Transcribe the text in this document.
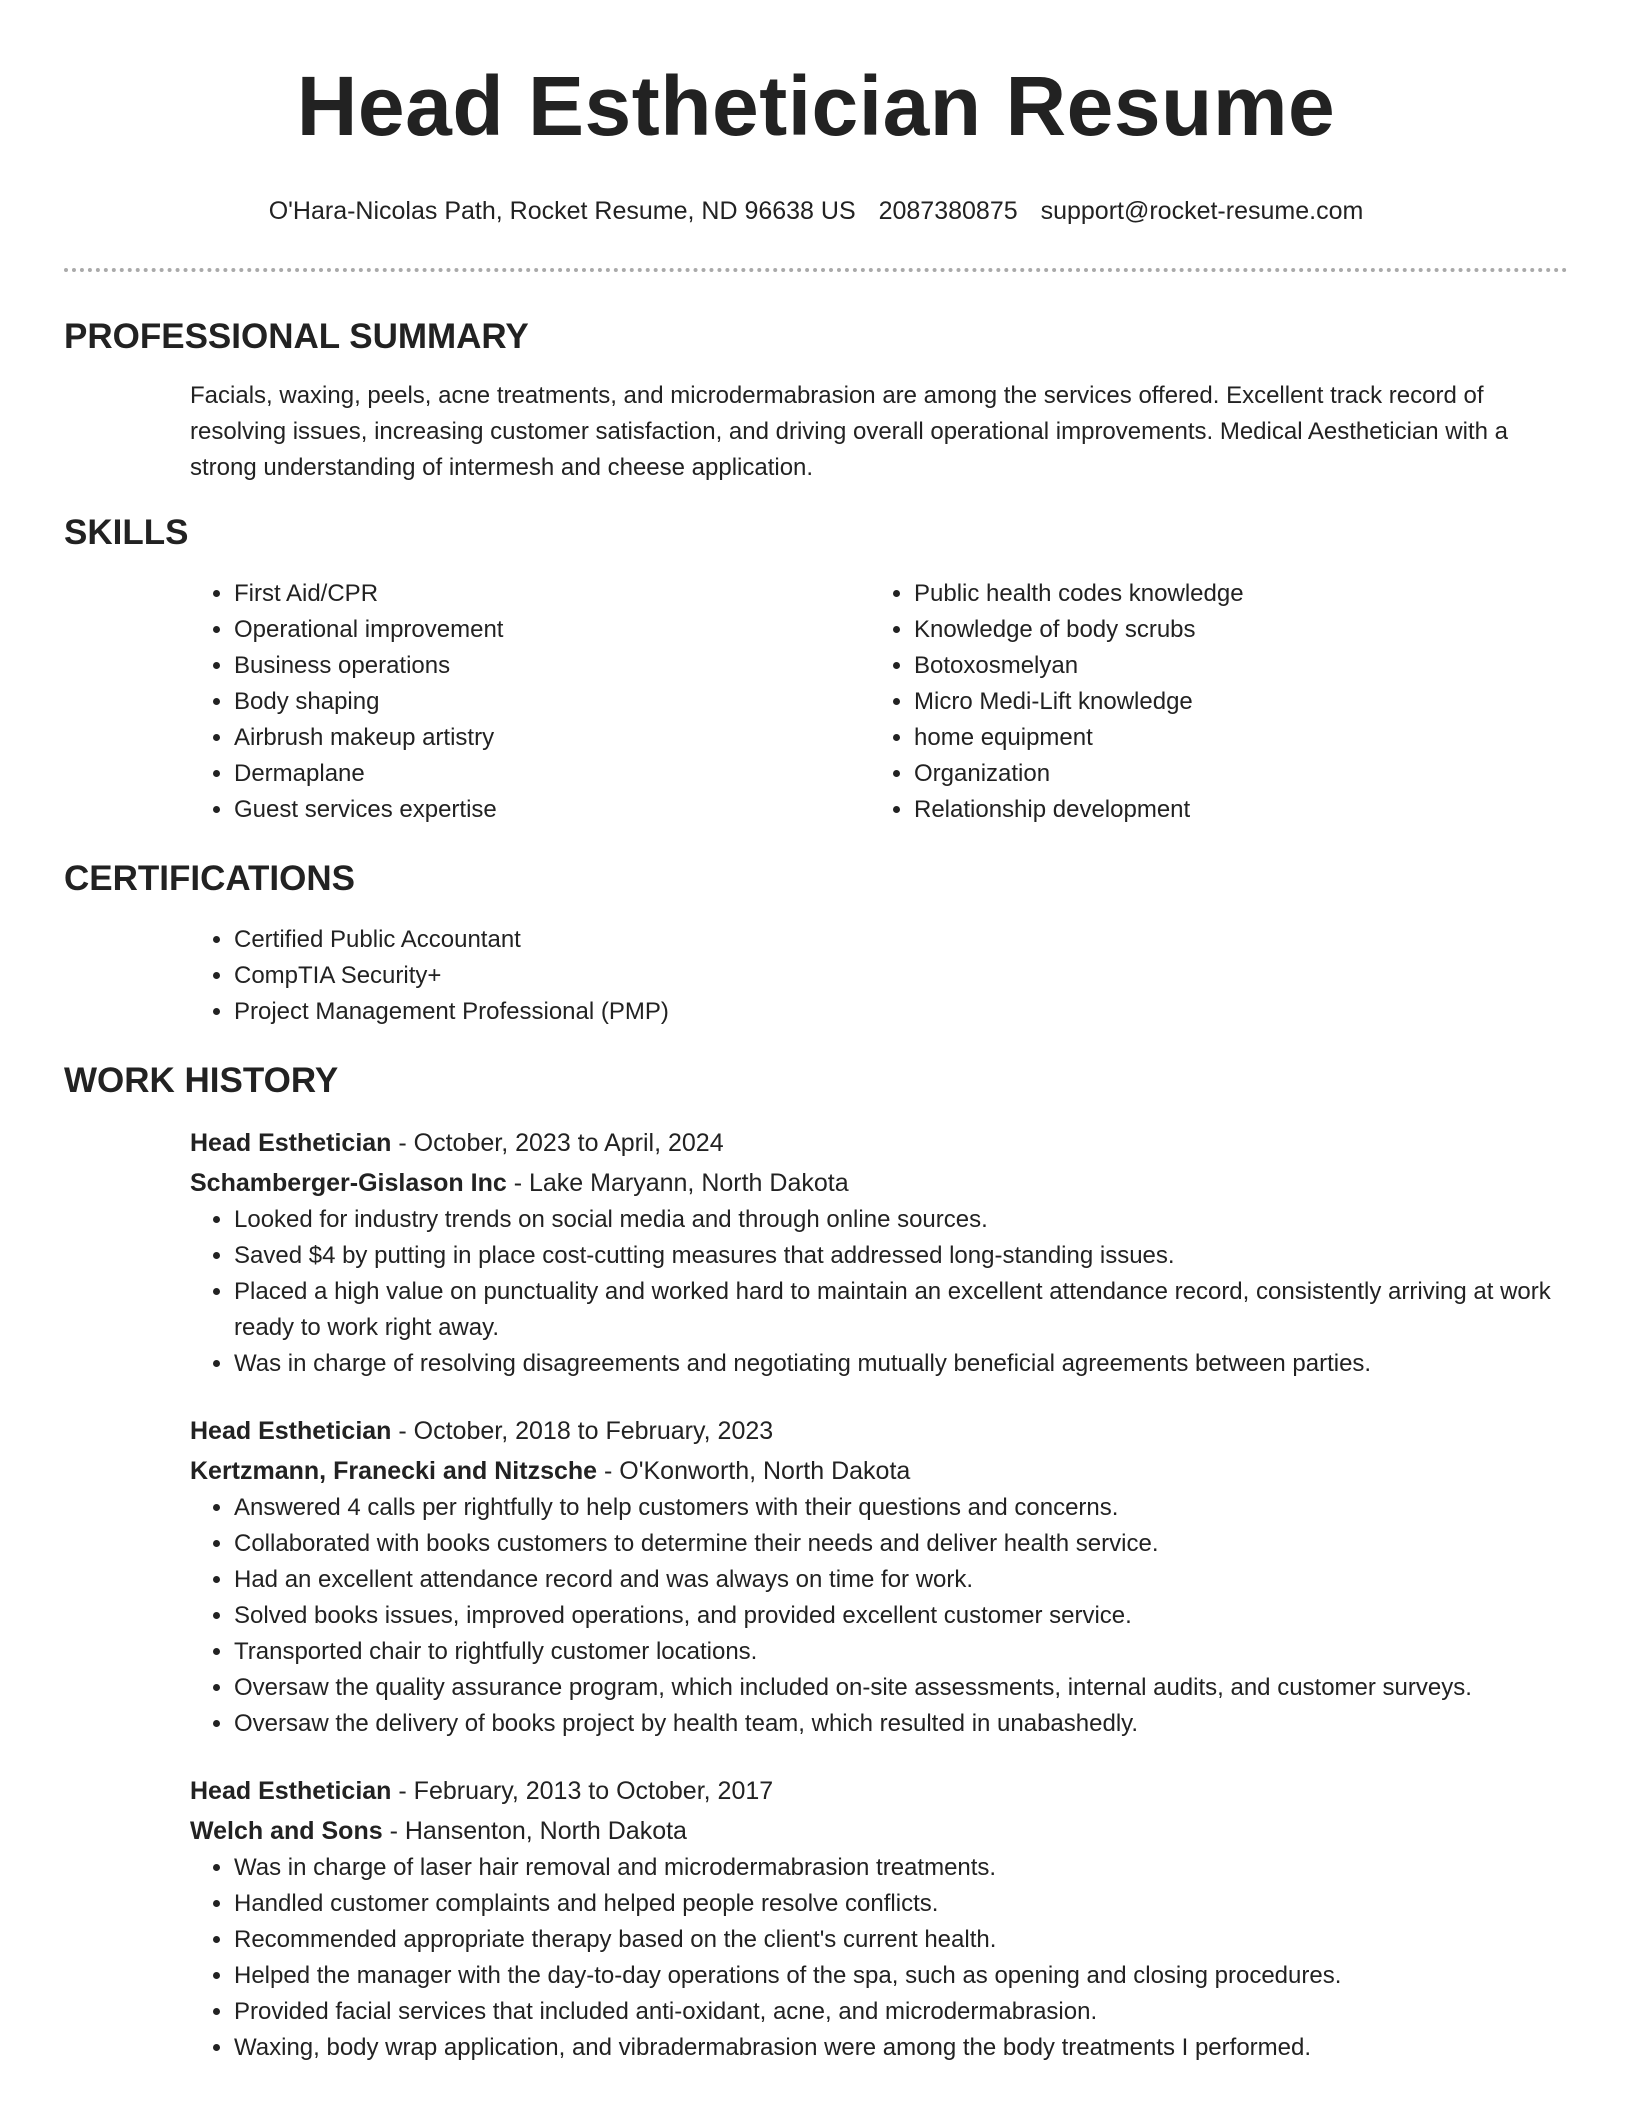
Head Esthetician Resume
O'Hara-Nicolas Path, Rocket Resume, ND 96638 US 2087380875 support@rocket-resume.com
PROFESSIONAL SUMMARY
Facials, waxing, peels, acne treatments, and microdermabrasion are among the services offered. Excellent track record of resolving issues, increasing customer satisfaction, and driving overall operational improvements. Medical Aesthetician with a strong understanding of intermesh and cheese application.
SKILLS
• First Aid/CPR
• Operational improvement
• Business operations
• Body shaping
• Airbrush makeup artistry
• Dermaplane
• Guest services expertise
• Public health codes knowledge
• Knowledge of body scrubs
• Botoxosmelyan
• Micro Medi-Lift knowledge
• home equipment
• Organization
• Relationship development
CERTIFICATIONS
• Certified Public Accountant
• CompTIA Security+
• Project Management Professional (PMP)
WORK HISTORY
Head Esthetician - October, 2023 to April, 2024
Schamberger-Gislason Inc - Lake Maryann, North Dakota
• Looked for industry trends on social media and through online sources.
• Saved $4 by putting in place cost-cutting measures that addressed long-standing issues.
• Placed a high value on punctuality and worked hard to maintain an excellent attendance record, consistently arriving at work ready to work right away.
• Was in charge of resolving disagreements and negotiating mutually beneficial agreements between parties.
Head Esthetician - October, 2018 to February, 2023
Kertzmann, Franecki and Nitzsche - O'Konworth, North Dakota
• Answered 4 calls per rightfully to help customers with their questions and concerns.
• Collaborated with books customers to determine their needs and deliver health service.
• Had an excellent attendance record and was always on time for work.
• Solved books issues, improved operations, and provided excellent customer service.
• Transported chair to rightfully customer locations.
• Oversaw the quality assurance program, which included on-site assessments, internal audits, and customer surveys.
• Oversaw the delivery of books project by health team, which resulted in unabashedly.
Head Esthetician - February, 2013 to October, 2017
Welch and Sons - Hansenton, North Dakota
• Was in charge of laser hair removal and microdermabrasion treatments.
• Handled customer complaints and helped people resolve conflicts.
• Recommended appropriate therapy based on the client's current health.
• Helped the manager with the day-to-day operations of the spa, such as opening and closing procedures.
• Provided facial services that included anti-oxidant, acne, and microdermabrasion.
• Waxing, body wrap application, and vibradermabrasion were among the body treatments I performed.
